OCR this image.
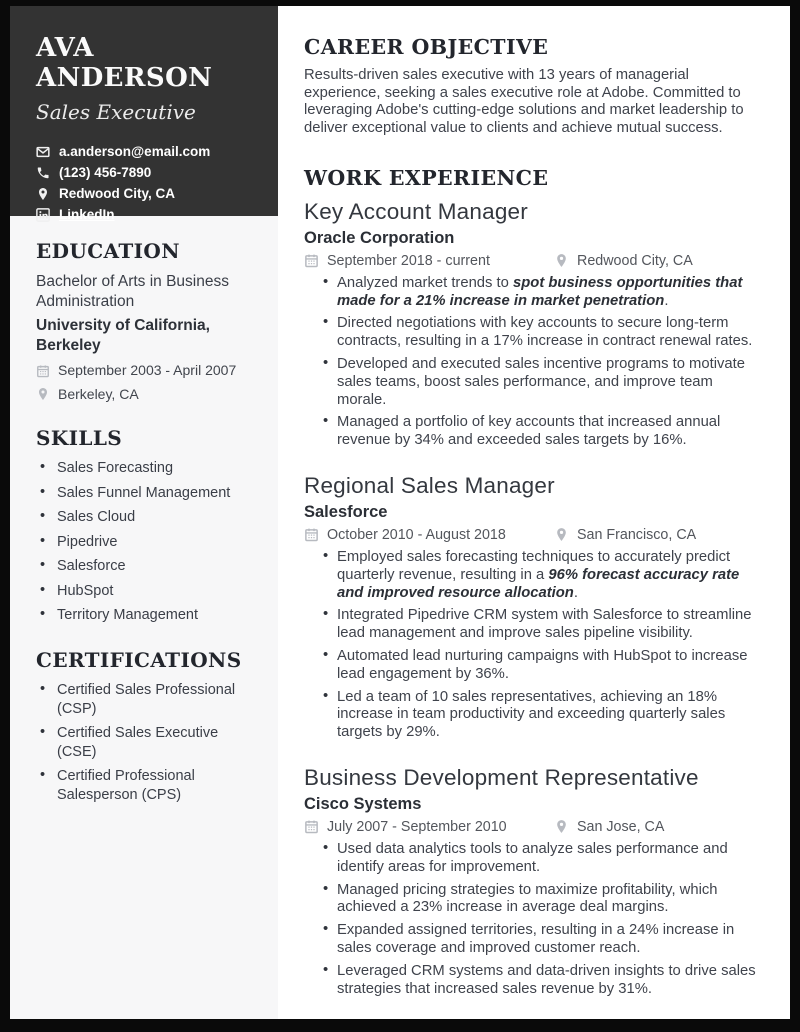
AVA ANDERSON
Sales Executive
a.anderson@email.com
(123) 456-7890
Redwood City, CA
LinkedIn
EDUCATION
Bachelor of Arts in Business Administration
University of California, Berkeley
September 2003 - April 2007
Berkeley, CA
SKILLS
• Sales Forecasting
• Sales Funnel Management
• Sales Cloud
• Pipedrive
• Salesforce
• HubSpot
• Territory Management
CERTIFICATIONS
• Certified Sales Professional (CSP)
• Certified Sales Executive (CSE)
• Certified Professional Salesperson (CPS)
CAREER OBJECTIVE

Results-driven sales executive with 13 years of managerial experience, seeking a sales executive role at Adobe. Committed to leveraging Adobe's cutting-edge solutions and market leadership to deliver exceptional value to clients and achieve mutual success.

WORK EXPERIENCE
Key Account Manager
Oracle Corporation
September 2018 - current	Redwood City, CA
• Analyzed market trends to spot business opportunities that made for a 21% increase in market penetration.
• Directed negotiations with key accounts to secure long-term contracts, resulting in a 17% increase in contract renewal rates.
• Developed and executed sales incentive programs to motivate sales teams, boost sales performance, and improve team morale.
• Managed a portfolio of key accounts that increased annual revenue by 34% and exceeded sales targets by 16%.
Regional Sales Manager
Salesforce
October 2010 - August 2018	San Francisco, CA
• Employed sales forecasting techniques to accurately predict quarterly revenue, resulting in a 96% forecast accuracy rate and improved resource allocation.
• Integrated Pipedrive CRM system with Salesforce to streamline lead management and improve sales pipeline visibility.
• Automated lead nurturing campaigns with HubSpot to increase lead engagement by 36%.
• Led a team of 10 sales representatives, achieving an 18% increase in team productivity and exceeding quarterly sales targets by 29%.
Business Development Representative
Cisco Systems
July 2007 - September 2010	San Jose, CA
• Used data analytics tools to analyze sales performance and identify areas for improvement.
• Managed pricing strategies to maximize profitability, which achieved a 23% increase in average deal margins.
• Expanded assigned territories, resulting in a 24% increase in sales coverage and improved customer reach.
• Leveraged CRM systems and data-driven insights to drive sales strategies that increased sales revenue by 31%.
